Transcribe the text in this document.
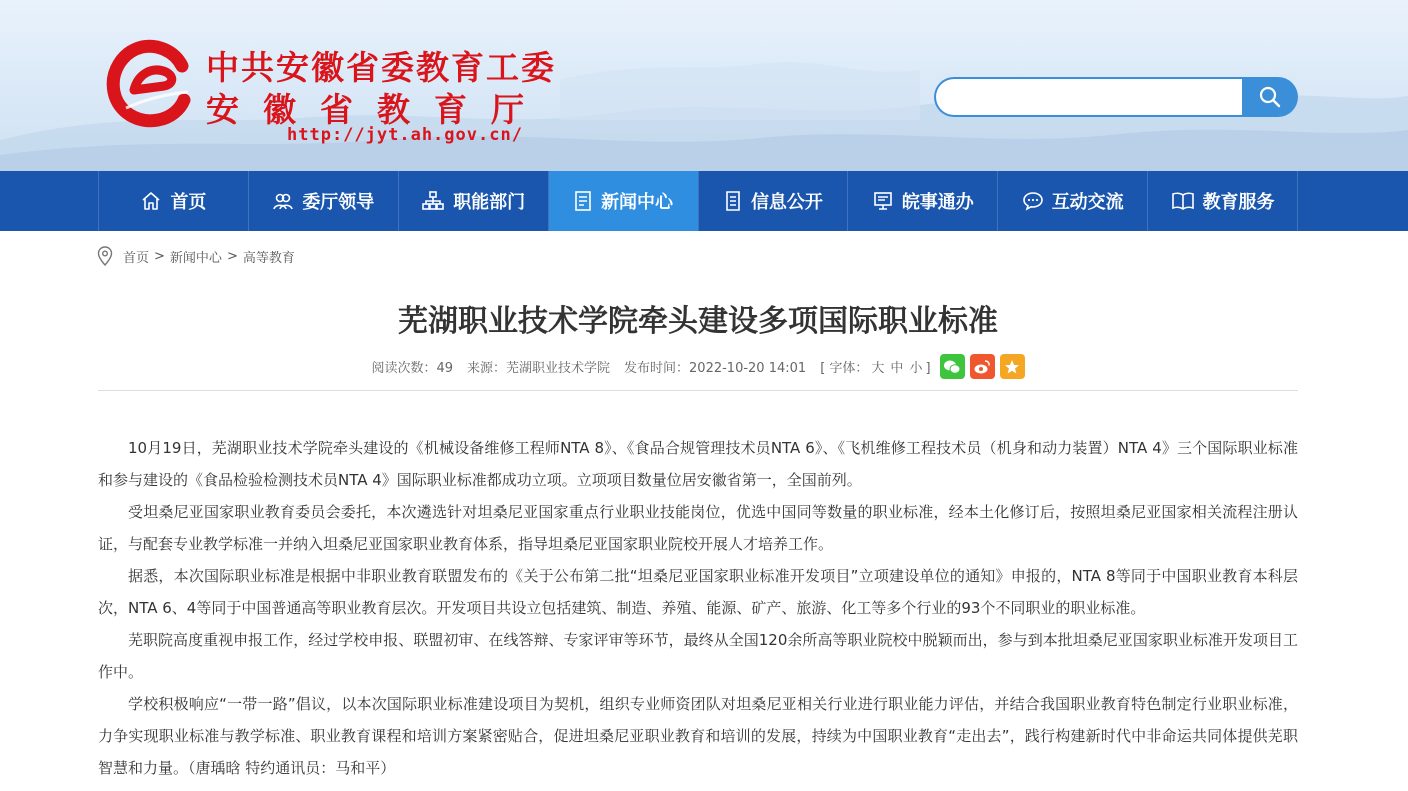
中共安徽省委教育工委
安徽省教育厅
http://jyt.ah.gov.cn/
首页	委厅领导	职能部门	新闻中心	信息公开	皖事通办	互动交流	教育服务
首页 > 新闻中心 > 高等教育
芜湖职业技术学院牵头建设多项国际职业标准
阅读次数：49 来源：芜湖职业技术学院 发布时间：2022-10-20 14:01 [ 字体： 大 中 小 ]

10月19日，芜湖职业技术学院牵头建设的《机械设备维修工程师NTA 8》、《食品合规管理技术员NTA 6》、《飞机维修工程技术员（机身和动力装置）NTA 4》三个国际职业标准和参与建设的《食品检验检测技术员NTA 4》国际职业标准都成功立项。立项项目数量位居安徽省第一，全国前列。

受坦桑尼亚国家职业教育委员会委托，本次遴选针对坦桑尼亚国家重点行业职业技能岗位，优选中国同等数量的职业标准，经本土化修订后，按照坦桑尼亚国家相关流程注册认证，与配套专业教学标准一并纳入坦桑尼亚国家职业教育体系，指导坦桑尼亚国家职业院校开展人才培养工作。

据悉，本次国际职业标准是根据中非职业教育联盟发布的《关于公布第二批“坦桑尼亚国家职业标准开发项目”立项建设单位的通知》申报的，NTA 8等同于中国职业教育本科层次，NTA 6、4等同于中国普通高等职业教育层次。开发项目共设立包括建筑、制造、养殖、能源、矿产、旅游、化工等多个行业的93个不同职业的职业标准。

芜职院高度重视申报工作，经过学校申报、联盟初审、在线答辩、专家评审等环节，最终从全国120余所高等职业院校中脱颖而出，参与到本批坦桑尼亚国家职业标准开发项目工作中。

学校积极响应“一带一路”倡议，以本次国际职业标准建设项目为契机，组织专业师资团队对坦桑尼亚相关行业进行职业能力评估，并结合我国职业教育特色制定行业职业标准，力争实现职业标准与教学标准、职业教育课程和培训方案紧密贴合，促进坦桑尼亚职业教育和培训的发展，持续为中国职业教育“走出去”，践行构建新时代中非命运共同体提供芜职智慧和力量。（唐瑀晗 特约通讯员：马和平）
